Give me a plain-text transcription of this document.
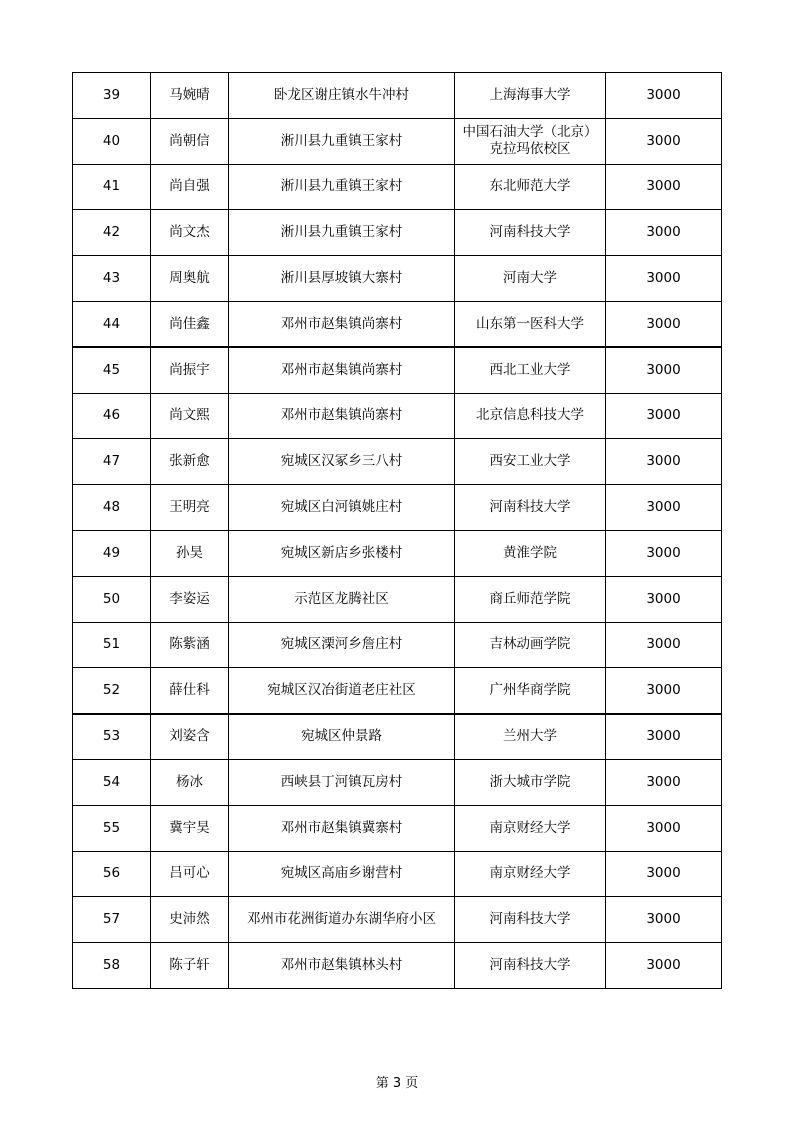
39	马婉晴	卧龙区谢庄镇水牛冲村	上海海事大学	3000
40	尚朝信	淅川县九重镇王家村	中国石油大学（北京）克拉玛依校区	3000
41	尚自强	淅川县九重镇王家村	东北师范大学	3000
42	尚文杰	淅川县九重镇王家村	河南科技大学	3000
43	周奥航	淅川县厚坡镇大寨村	河南大学	3000
44	尚佳鑫	邓州市赵集镇尚寨村	山东第一医科大学	3000
45	尚振宇	邓州市赵集镇尚寨村	西北工业大学	3000
46	尚文熙	邓州市赵集镇尚寨村	北京信息科技大学	3000
47	张新愈	宛城区汉冢乡三八村	西安工业大学	3000
48	王明亮	宛城区白河镇姚庄村	河南科技大学	3000
49	孙昊	宛城区新店乡张楼村	黄淮学院	3000
50	李姿运	示范区龙腾社区	商丘师范学院	3000
51	陈紫涵	宛城区溧河乡詹庄村	吉林动画学院	3000
52	薛仕科	宛城区汉冶街道老庄社区	广州华商学院	3000
53	刘姿含	宛城区仲景路	兰州大学	3000
54	杨冰	西峡县丁河镇瓦房村	浙大城市学院	3000
55	冀宇昊	邓州市赵集镇冀寨村	南京财经大学	3000
56	吕可心	宛城区高庙乡谢营村	南京财经大学	3000
57	史沛然	邓州市花洲街道办东湖华府小区	河南科技大学	3000
58	陈子轩	邓州市赵集镇林头村	河南科技大学	3000
第 3 页
